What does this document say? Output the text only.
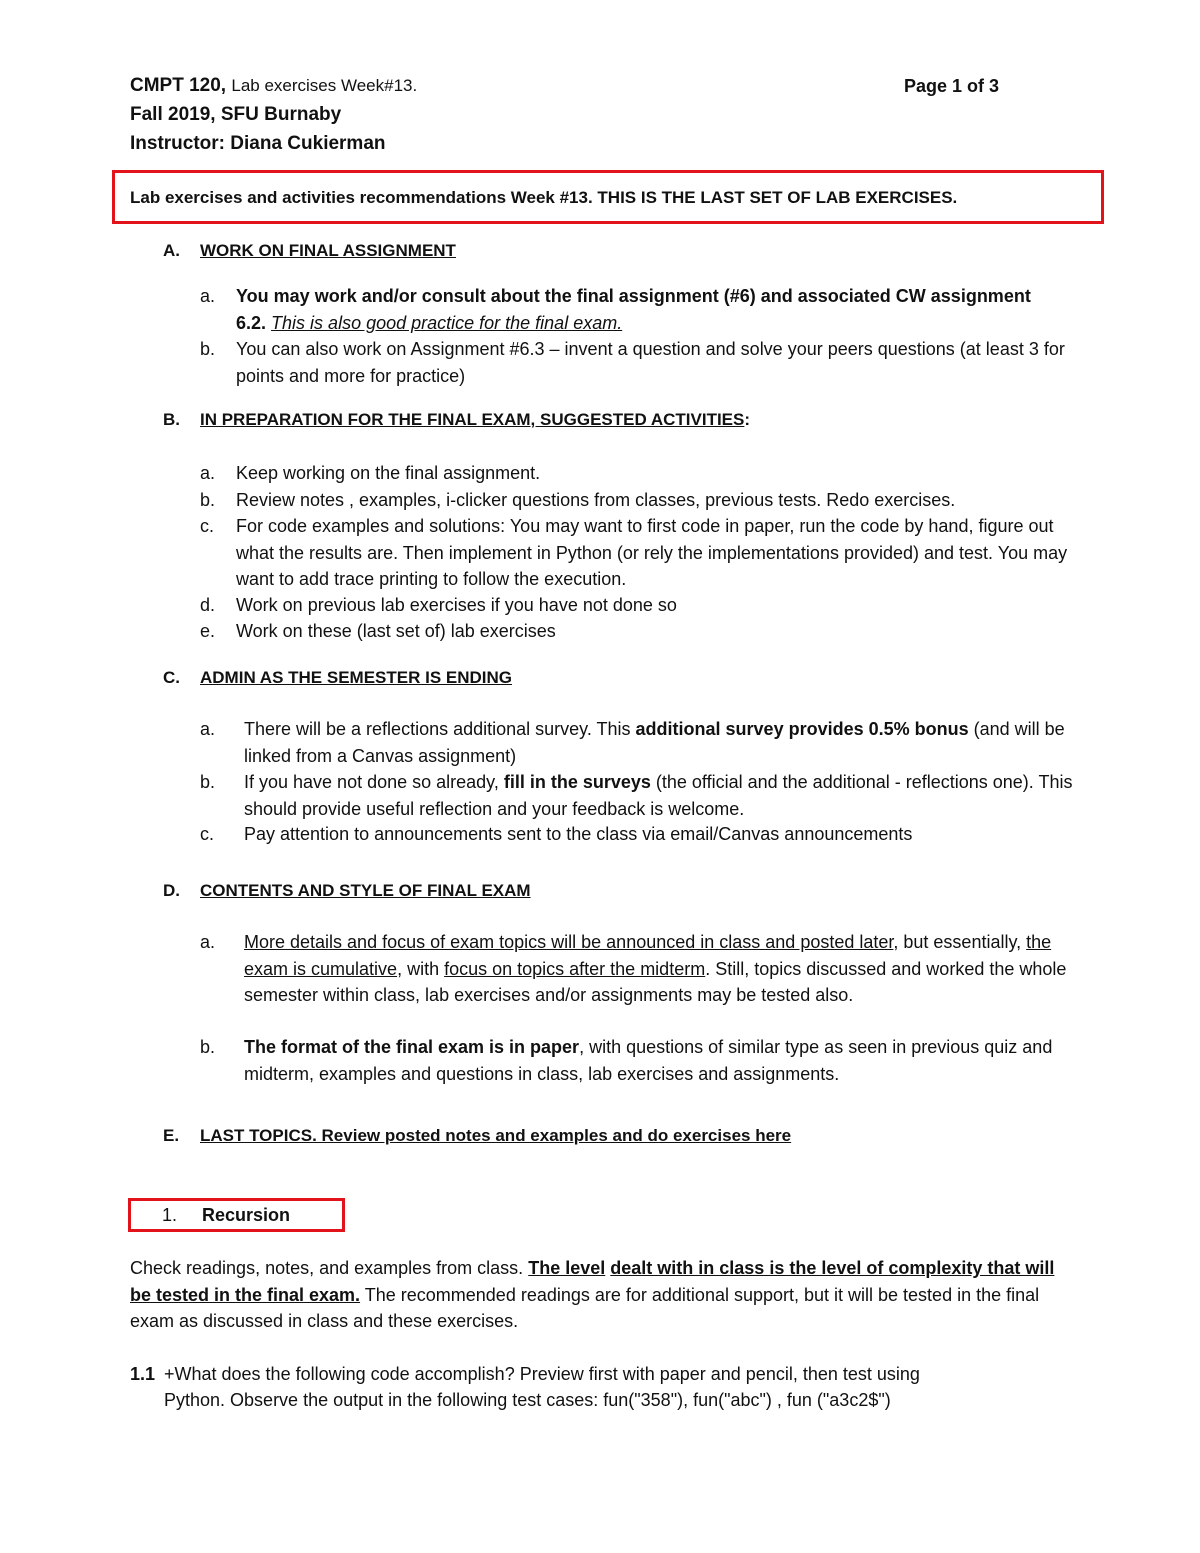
CMPT 120, Lab exercises Week#13.	Page 1 of 3
Fall 2019, SFU Burnaby
Instructor: Diana Cukierman
Lab exercises and activities recommendations Week #13. THIS IS THE LAST SET OF LAB EXERCISES.
A. WORK ON FINAL ASSIGNMENT
a. You may work and/or consult about the final assignment (#6) and associated CW assignment
6.2. This is also good practice for the final exam.
b. You can also work on Assignment #6.3 – invent a question and solve your peers questions (at least 3 for points and more for practice)
B. IN PREPARATION FOR THE FINAL EXAM, SUGGESTED ACTIVITIES:
a. Keep working on the final assignment.
b. Review notes , examples, i-clicker questions from classes, previous tests. Redo exercises.
c. For code examples and solutions: You may want to first code in paper, run the code by hand, figure out what the results are. Then implement in Python (or rely the implementations provided) and test. You may want to add trace printing to follow the execution.
d. Work on previous lab exercises if you have not done so
e. Work on these (last set of) lab exercises
C. ADMIN AS THE SEMESTER IS ENDING
a. There will be a reflections additional survey. This additional survey provides 0.5% bonus (and will be linked from a Canvas assignment)
b. If you have not done so already, fill in the surveys (the official and the additional - reflections one). This should provide useful reflection and your feedback is welcome.
c. Pay attention to announcements sent to the class via email/Canvas announcements
D. CONTENTS AND STYLE OF FINAL EXAM
a. More details and focus of exam topics will be announced in class and posted later, but essentially, the exam is cumulative, with focus on topics after the midterm. Still, topics discussed and worked the whole semester within class, lab exercises and/or assignments may be tested also.
b. The format of the final exam is in paper, with questions of similar type as seen in previous quiz and midterm, examples and questions in class, lab exercises and assignments.
E. LAST TOPICS. Review posted notes and examples and do exercises here
1. Recursion
Check readings, notes, and examples from class. The level dealt with in class is the level of complexity that will be tested in the final exam. The recommended readings are for additional support, but it will be tested in the final exam as discussed in class and these exercises.
1.1 +What does the following code accomplish? Preview first with paper and pencil, then test using
Python. Observe the output in the following test cases: fun("358"), fun("abc") , fun ("a3c2$")
